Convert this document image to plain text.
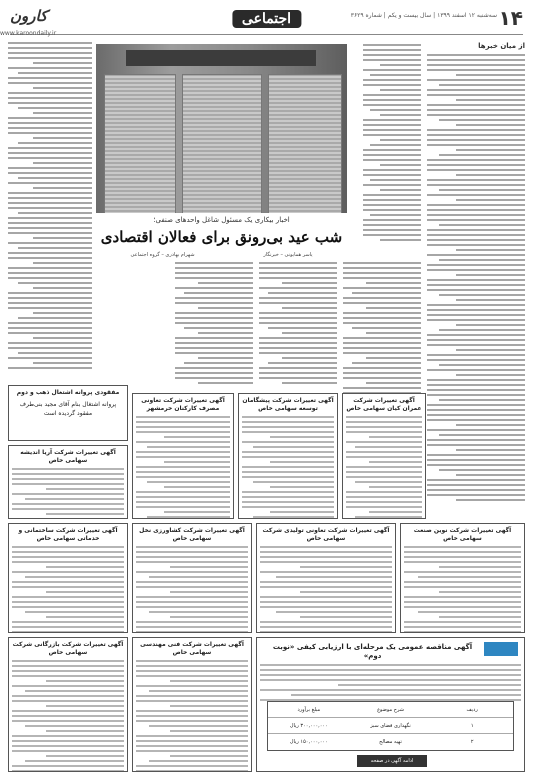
۱۴
سه‌شنبه ۱۲ اسفند ۱۳۹۹ | سال بیست و یکم | شماره ۳۶۲۹
اجتماعی
کارون
www.karoondaily.ir
از میان خبرها
اخبار بیکاری یک مسئول شاغل واحدهای صنفی؛
شب عید بی‌رونق برای فعالان اقتصادی
یاسر همایونی – خبرنگار
شهرام بهادری – گروه اجتماعی
مفقودی پروانه اشتغال ذهب و دوم
پروانه اشتغال بنام آقای مجید بنی‌طرف مفقود گردیده است
آگهی تغییرات شرکت تعاونی مصرف کارکنان خرمشهر
آگهی تغییرات شرکت پیشگامان توسعه سهامی خاص
آگهی تغییرات شرکت عمران کیان سهامی خاص
آگهی تغییرات شرکت آریا اندیشه سهامی خاص
آگهی تغییرات شرکت ساختمانی و خدماتی سهامی خاص
آگهی تغییرات شرکت کشاورزی نخل سهامی خاص
آگهی تغییرات شرکت تعاونی تولیدی شرکت سهامی خاص
آگهی تغییرات شرکت نوین صنعت سهامی خاص
آگهی تغییرات شرکت بازرگانی شرکت سهامی خاص
آگهی تغییرات شرکت فنی مهندسی سهامی خاص
آگهی مناقصه عمومی یک مرحله‌ای با ارزیابی کیفی «نوبت دوم»
ردیف
شرح موضوع
مبلغ برآورد
۱
نگهداری فضای سبز
۳۰۰,۰۰۰,۰۰۰ ریال
۲
تهیه مصالح
۱۵۰,۰۰۰,۰۰۰ ریال
ادامه آگهی در صفحه
